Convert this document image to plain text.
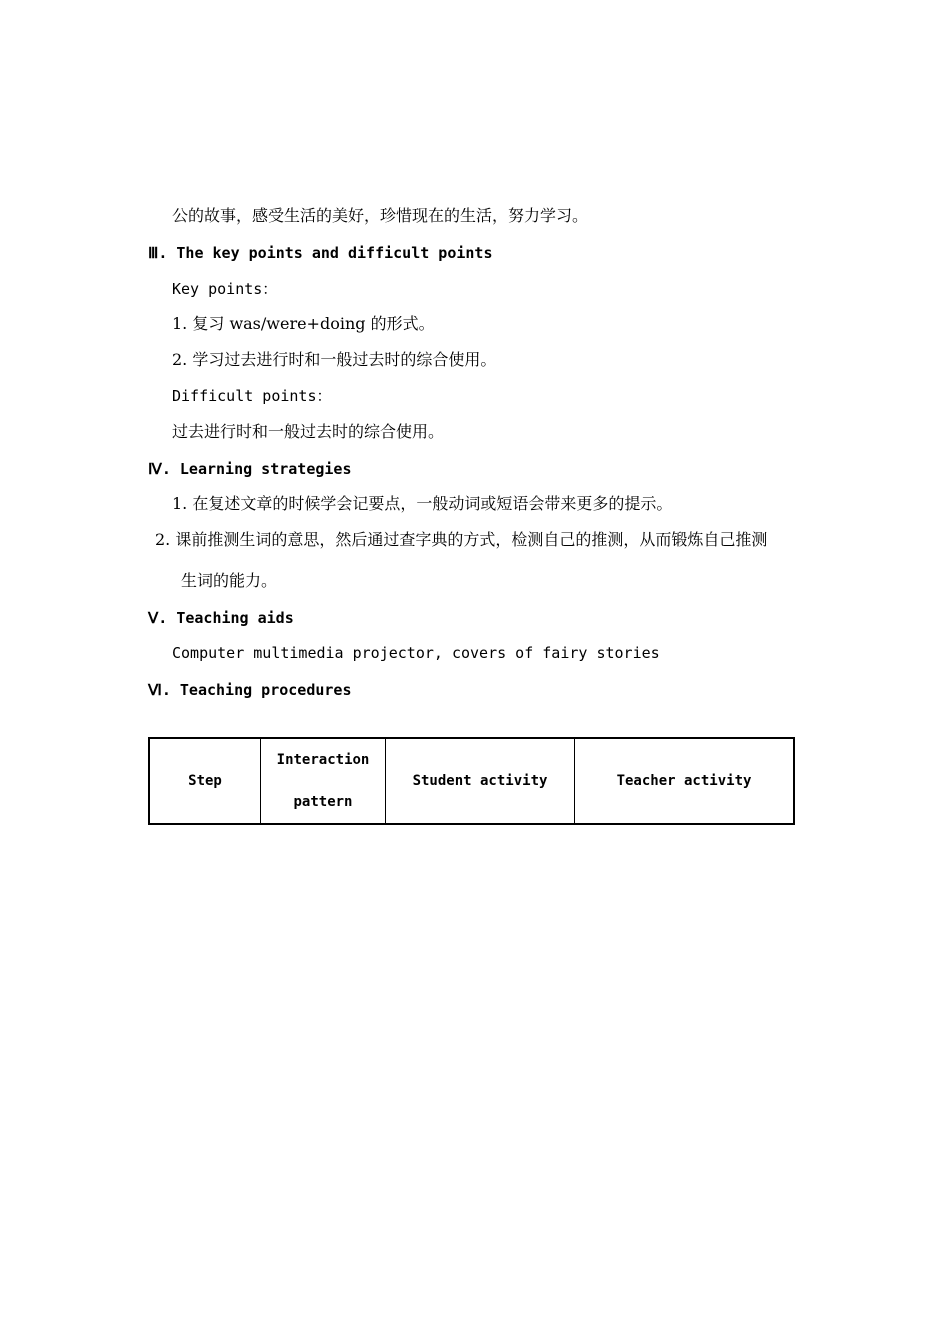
公的故事，感受生活的美好，珍惜现在的生活，努力学习。
Ⅲ. The key points and difficult points
Key points：
1. 复习 was/were+doing 的形式。
2. 学习过去进行时和一般过去时的综合使用。
Difficult points：
过去进行时和一般过去时的综合使用。
Ⅳ. Learning strategies
1. 在复述文章的时候学会记要点，一般动词或短语会带来更多的提示。
2. 课前推测生词的意思，然后通过查字典的方式，检测自己的推测，从而锻炼自己推测
生词的能力。
Ⅴ. Teaching aids
Computer multimedia projector, covers of fairy stories
Ⅵ. Teaching procedures
Step	Interaction pattern	Student activity	Teacher activity
